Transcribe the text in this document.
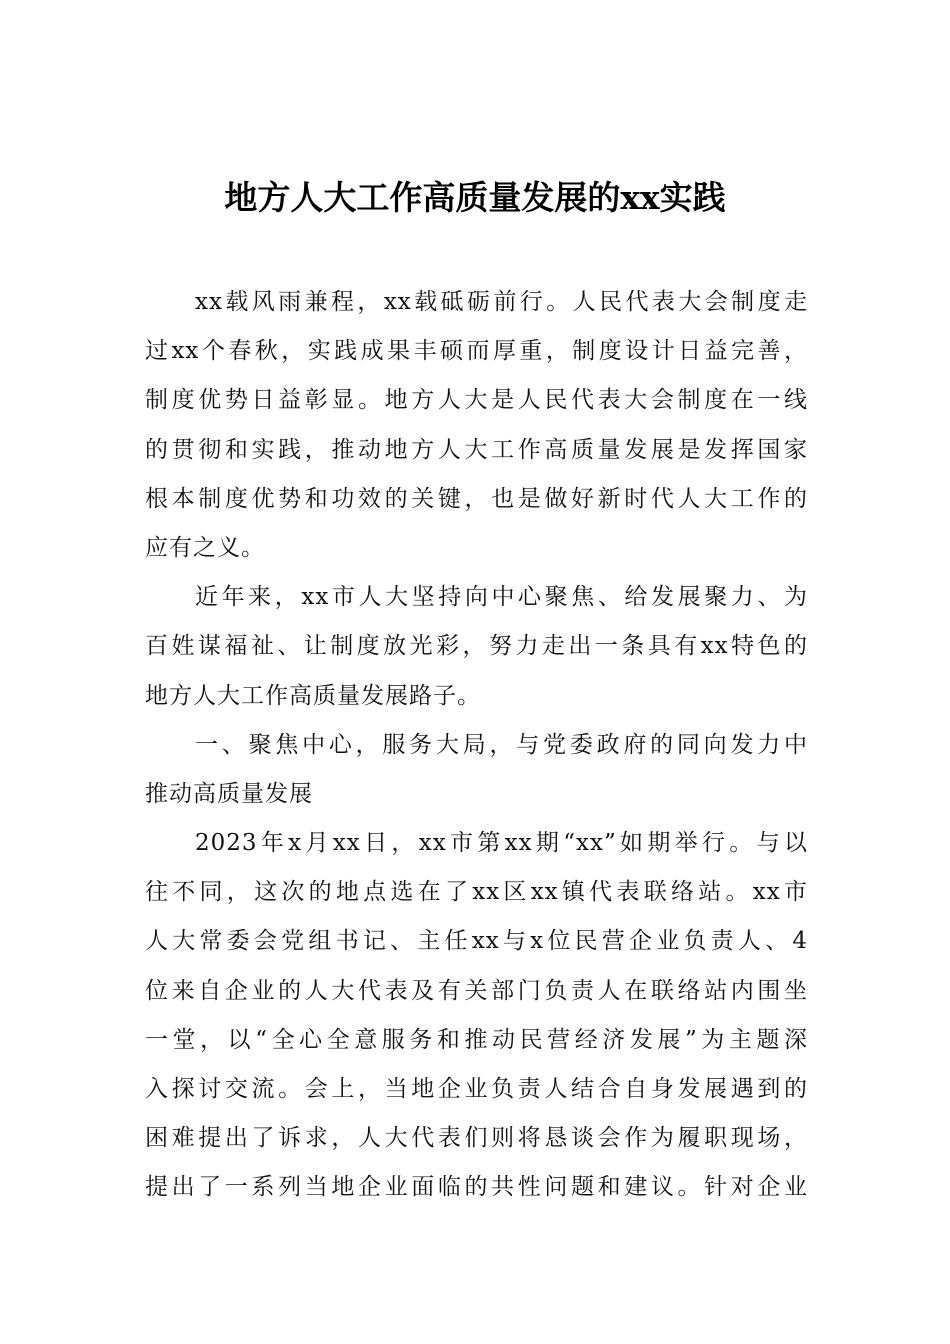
地方人大工作高质量发展的xx实践
xx载风雨兼程，xx载砥砺前行。人民代表大会制度走
过xx个春秋，实践成果丰硕而厚重，制度设计日益完善，
制度优势日益彰显。地方人大是人民代表大会制度在一线
的贯彻和实践，推动地方人大工作高质量发展是发挥国家
根本制度优势和功效的关键，也是做好新时代人大工作的
应有之义。
近年来，xx市人大坚持向中心聚焦、给发展聚力、为
百姓谋福祉、让制度放光彩，努力走出一条具有xx特色的
地方人大工作高质量发展路子。
一、聚焦中心，服务大局，与党委政府的同向发力中
推动高质量发展
2023年x月xx日，xx市第xx期“xx”如期举行。与以
往不同，这次的地点选在了xx区xx镇代表联络站。xx市
人大常委会党组书记、主任xx与x位民营企业负责人、4
位来自企业的人大代表及有关部门负责人在联络站内围坐
一堂，以“全心全意服务和推动民营经济发展”为主题深
入探讨交流。会上，当地企业负责人结合自身发展遇到的
困难提出了诉求，人大代表们则将恳谈会作为履职现场，
提出了一系列当地企业面临的共性问题和建议。针对企业
